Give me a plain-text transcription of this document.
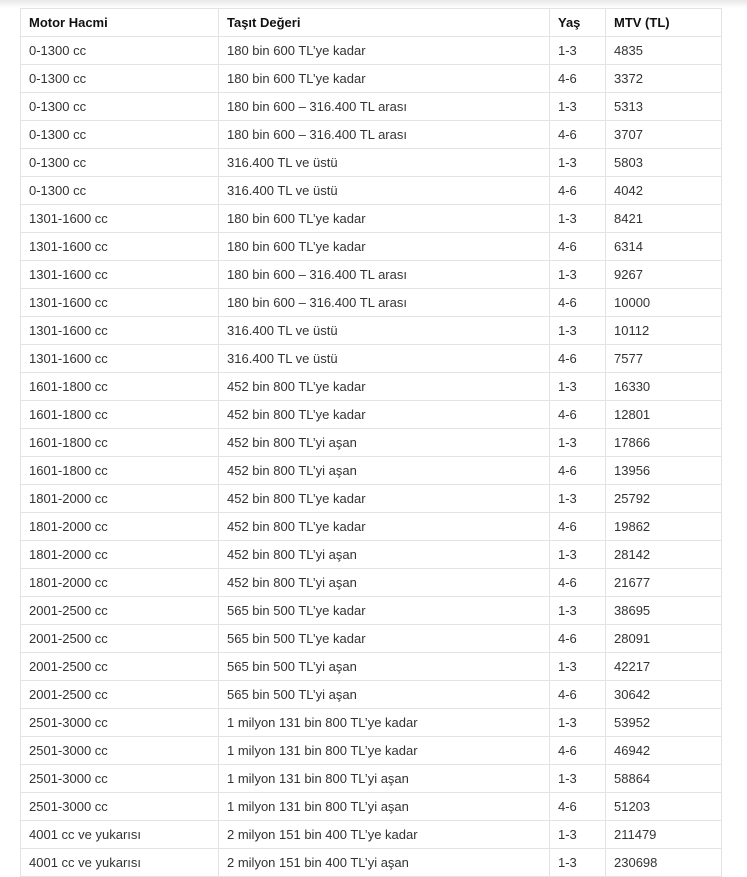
Motor Hacmi	Taşıt Değeri	Yaş	MTV (TL)
0-1300 cc	180 bin 600 TL’ye kadar	1-3	4835
0-1300 cc	180 bin 600 TL’ye kadar	4-6	3372
0-1300 cc	180 bin 600 – 316.400 TL arası	1-3	5313
0-1300 cc	180 bin 600 – 316.400 TL arası	4-6	3707
0-1300 cc	316.400 TL ve üstü	1-3	5803
0-1300 cc	316.400 TL ve üstü	4-6	4042
1301-1600 cc	180 bin 600 TL’ye kadar	1-3	8421
1301-1600 cc	180 bin 600 TL’ye kadar	4-6	6314
1301-1600 cc	180 bin 600 – 316.400 TL arası	1-3	9267
1301-1600 cc	180 bin 600 – 316.400 TL arası	4-6	10000
1301-1600 cc	316.400 TL ve üstü	1-3	10112
1301-1600 cc	316.400 TL ve üstü	4-6	7577
1601-1800 cc	452 bin 800 TL’ye kadar	1-3	16330
1601-1800 cc	452 bin 800 TL’ye kadar	4-6	12801
1601-1800 cc	452 bin 800 TL’yi aşan	1-3	17866
1601-1800 cc	452 bin 800 TL’yi aşan	4-6	13956
1801-2000 cc	452 bin 800 TL’ye kadar	1-3	25792
1801-2000 cc	452 bin 800 TL’ye kadar	4-6	19862
1801-2000 cc	452 bin 800 TL’yi aşan	1-3	28142
1801-2000 cc	452 bin 800 TL’yi aşan	4-6	21677
2001-2500 cc	565 bin 500 TL’ye kadar	1-3	38695
2001-2500 cc	565 bin 500 TL’ye kadar	4-6	28091
2001-2500 cc	565 bin 500 TL’yi aşan	1-3	42217
2001-2500 cc	565 bin 500 TL’yi aşan	4-6	30642
2501-3000 cc	1 milyon 131 bin 800 TL’ye kadar	1-3	53952
2501-3000 cc	1 milyon 131 bin 800 TL’ye kadar	4-6	46942
2501-3000 cc	1 milyon 131 bin 800 TL’yi aşan	1-3	58864
2501-3000 cc	1 milyon 131 bin 800 TL’yi aşan	4-6	51203
4001 cc ve yukarısı	2 milyon 151 bin 400 TL’ye kadar	1-3	211479
4001 cc ve yukarısı	2 milyon 151 bin 400 TL’yi aşan	1-3	230698
